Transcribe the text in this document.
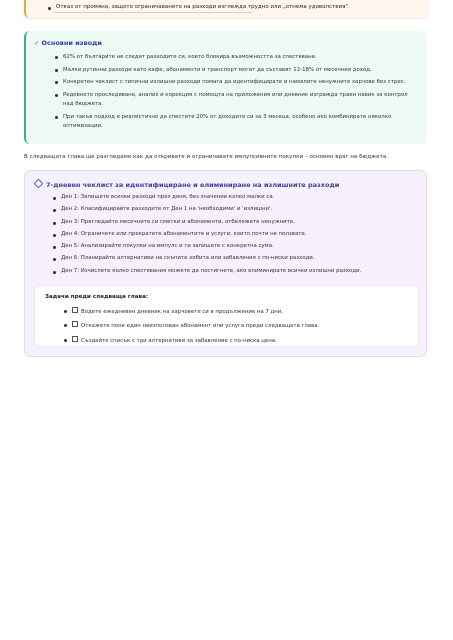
Отказ от промяна, защото ограничаването на разходи изглежда трудно или „отнема удоволствия".
✓ Основни изводи
62% от българите не следят разходите си, което блокира възможността за спестяване.
Малки рутинни разходи като кафе, абонаменти и транспорт могат да съставят 12-18% от месечния доход.
Конкретен чеклист с типични излишни разходи помага да идентифицирате и намалите ненужните харчове без стрес.
Редовното проследяване, анализ и корекция с помощта на приложения или дневник изгражда траен навик за контрол над бюджета.
При такъв подход е реалистично да спестите 20% от доходите си за 3 месеца, особено ако комбинирате няколко оптимизации.
В следващата глава ще разгледаме как да откривате и ограничавате импулсивните покупки – основен враг на бюджета.
7-дневен чеклист за идентифициране и елиминиране на излишните разходи
Ден 1: Запишете всички разходи през деня, без значение колко малки са.
Ден 2: Класифицирайте разходите от Ден 1 на 'необходими' и 'излишни'.
Ден 3: Прегледайте месечните си сметки и абонаменти, отбележете ненужните.
Ден 4: Ограничете или прекратете абонаментите и услуги, които почти не ползвате.
Ден 5: Анализирайте покупки на импулс и ги запишете с конкретна сума.
Ден 6: Планирайте алтернативи на скъпите хобита или забавления с по-ниски разходи.
Ден 7: Изчислете колко спестявания можете да постигнете, ако елиминирате всички излишни разходи.
Задачи преди следваща глава:
Водете ежедневен дневник на харчовете си в продължение на 7 дни.
Откажете поне един неизползван абонамент или услуга преди следващата глава.
Създайте списък с три алтернативи за забавление с по-ниска цена.
